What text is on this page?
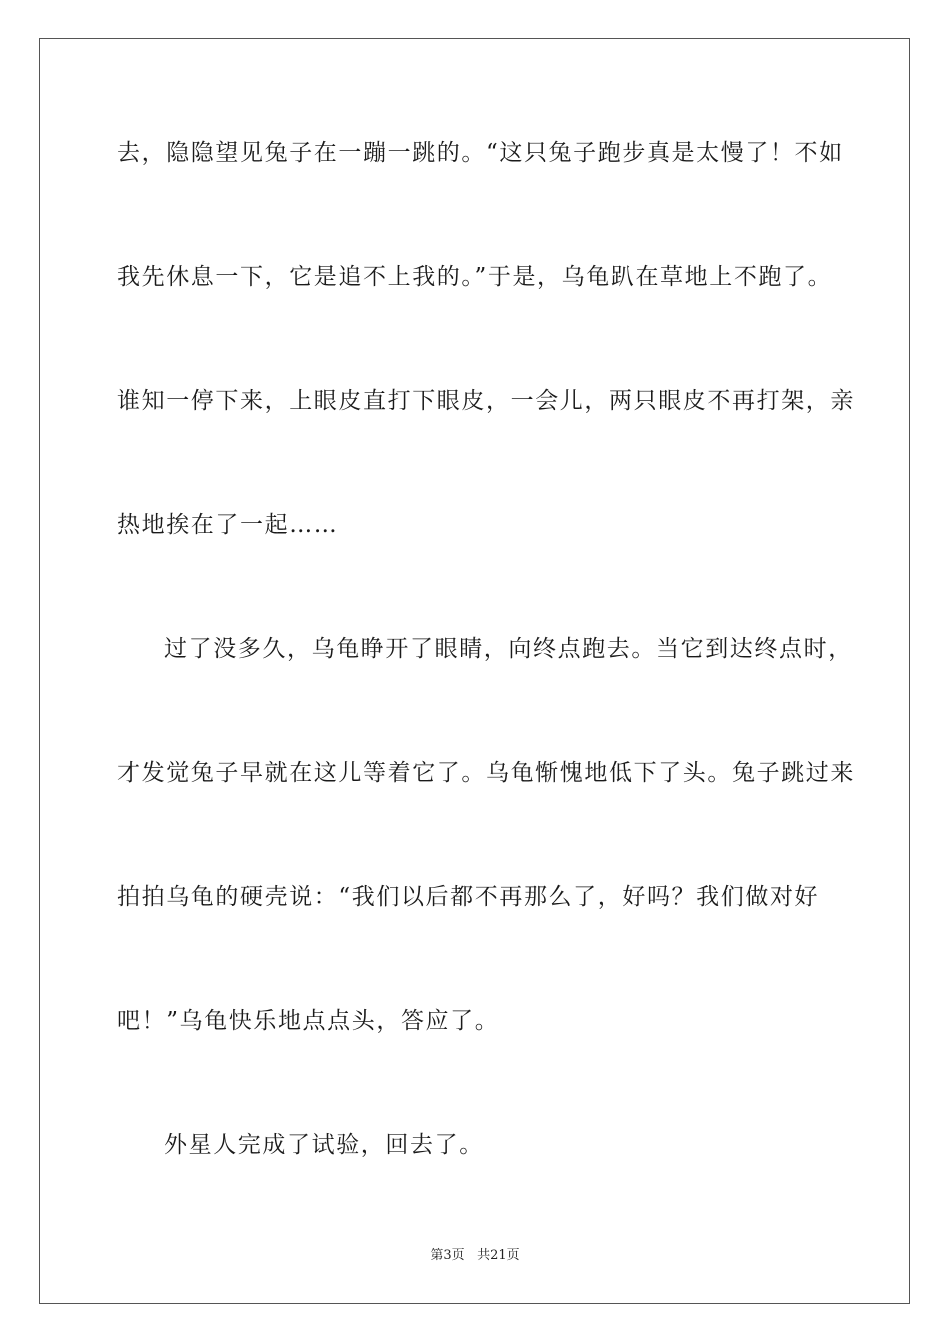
去，隐隐望见兔子在一蹦一跳的。“这只兔子跑步真是太慢了！不如
我先休息一下，它是追不上我的。”于是，乌龟趴在草地上不跑了。
谁知一停下来，上眼皮直打下眼皮，一会儿，两只眼皮不再打架，亲
热地挨在了一起……
过了没多久，乌龟睁开了眼睛，向终点跑去。当它到达终点时，
才发觉兔子早就在这儿等着它了。乌龟惭愧地低下了头。兔子跳过来
拍拍乌龟的硬壳说：“我们以后都不再那么了，好吗？我们做对好
吧！”乌龟快乐地点点头，答应了。
外星人完成了试验，回去了。
第3页 共21页
